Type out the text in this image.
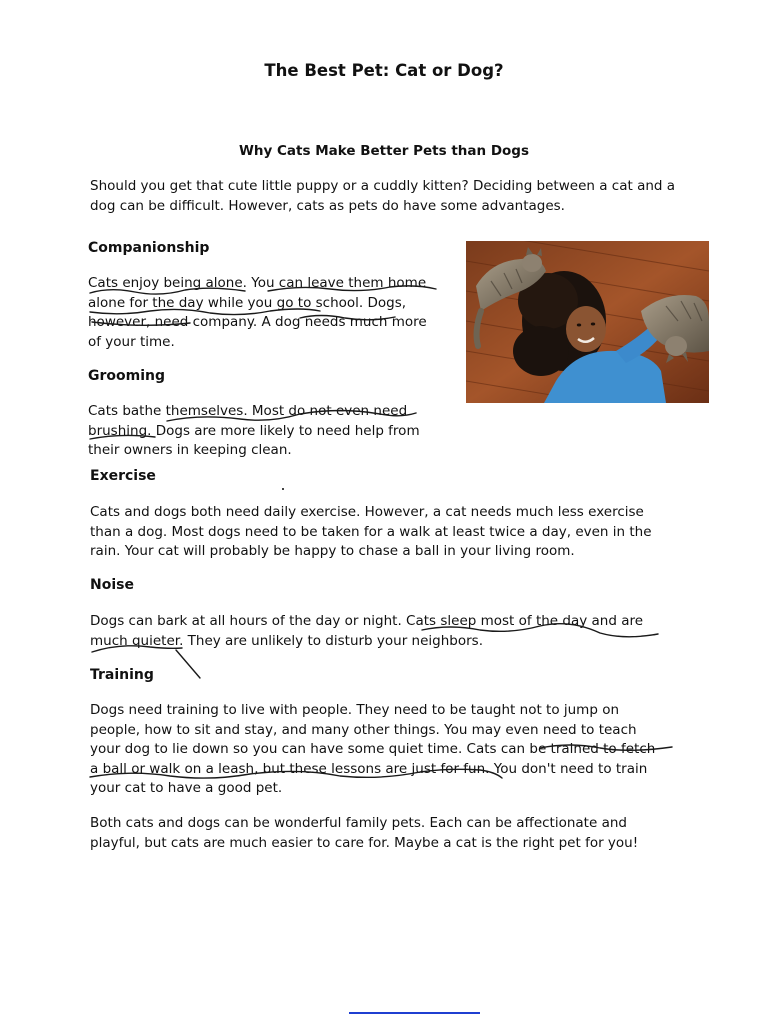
The Best Pet: Cat or Dog?
Why Cats Make Better Pets than Dogs

Should you get that cute little puppy or a cuddly kitten? Deciding between a cat and a dog can be difficult. However, cats as pets do have some advantages.

Companionship
Cats enjoy being alone. You can leave them home
alone for the day while you go to school. Dogs,
however, need company. A dog needs much more
of your time.
Grooming
Cats bathe themselves. Most do not even need
brushing. Dogs are more likely to need help from
their owners in keeping clean.
Exercise
Cats and dogs both need daily exercise. However, a cat needs much less exercise
than a dog. Most dogs need to be taken for a walk at least twice a day, even in the
rain. Your cat will probably be happy to chase a ball in your living room.
Noise
Dogs can bark at all hours of the day or night. Cats sleep most of the day and are
much quieter. They are unlikely to disturb your neighbors.
Training
Dogs need training to live with people. They need to be taught not to jump on
people, how to sit and stay, and many other things. You may even need to teach
your dog to lie down so you can have some quiet time. Cats can be trained to fetch
a ball or walk on a leash, but these lessons are just for fun. You don't need to train
your cat to have a good pet.
Both cats and dogs can be wonderful family pets. Each can be affectionate and
playful, but cats are much easier to care for. Maybe a cat is the right pet for you!
